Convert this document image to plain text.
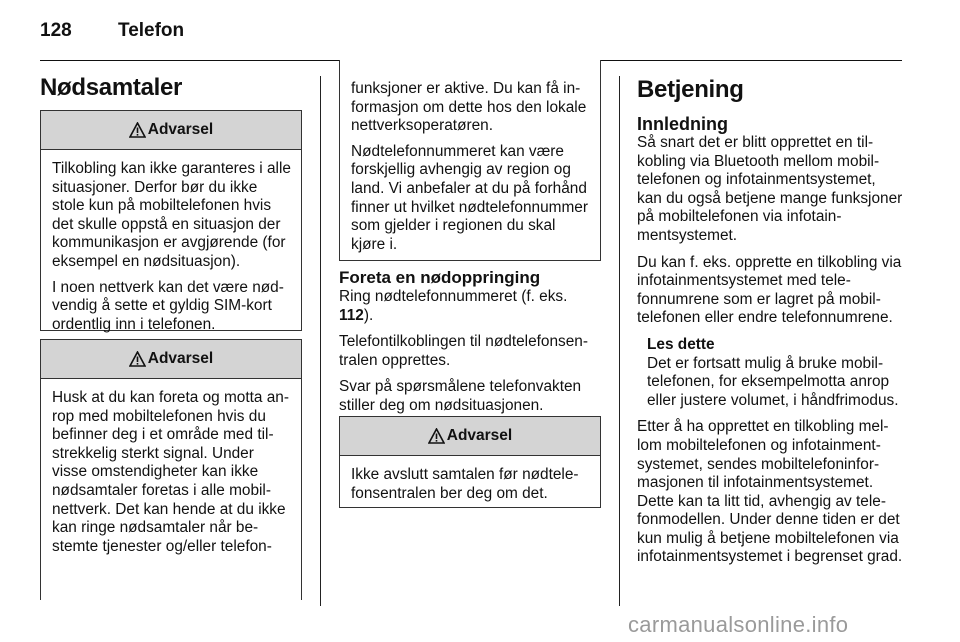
128 Telefon
Nødsamtaler
Advarsel

Tilkobling kan ikke garanteres i alle situasjoner. Derfor bør du ikke stole kun på mobiltelefonen hvis det skulle oppstå en situasjon der kommunikasjon er avgjørende (for eksempel en nødsituasjon).

I noen nettverk kan det være nødvendig å sette et gyldig SIM-kort ordentlig inn i telefonen.

Advarsel

Husk at du kan foreta og motta anrop med mobiltelefonen hvis du befinner deg i et område med tilstrekkelig sterkt signal. Under visse omstendigheter kan ikke nødsamtaler foretas i alle mobilnettverk. Det kan hende at du ikke kan ringe nødsamtaler når bestemte tjenester og/eller telefon-

funksjoner er aktive. Du kan få informasjon om dette hos den lokale nettverksoperatøren.

Nødtelefonnummeret kan være forskjellig avhengig av region og land. Vi anbefaler at du på forhånd finner ut hvilket nødtelefonnummer som gjelder i regionen du skal kjøre i.

Foreta en nødoppringing

Ring nødtelefonnummeret (f. eks. 112).

Telefontilkoblingen til nødtelefonsentralen opprettes.

Svar på spørsmålene telefonvakten stiller deg om nødsituasjonen.

Advarsel

Ikke avslutt samtalen før nødtelefonsentralen ber deg om det.

Betjening
Innledning

Så snart det er blitt opprettet en tilkobling via Bluetooth mellom mobiltelefonen og infotainmentsystemet, kan du også betjene mange funksjoner på mobiltelefonen via infotainmentsystemet.

Du kan f. eks. opprette en tilkobling via infotainmentsystemet med telefonnumrene som er lagret på mobiltelefonen eller endre telefonnumrene.

Les dette
Det er fortsatt mulig å bruke mobiltelefonen, for eksempelmotta anrop eller justere volumet, i håndfrimodus.

Etter å ha opprettet en tilkobling mellom mobiltelefonen og infotainmentsystemet, sendes mobiltelefoninformasjonen til infotainmentsystemet. Dette kan ta litt tid, avhengig av telefonmodellen. Under denne tiden er det kun mulig å betjene mobiltelefonen via infotainmentsystemet i begrenset grad.

carmanualsonline.info
